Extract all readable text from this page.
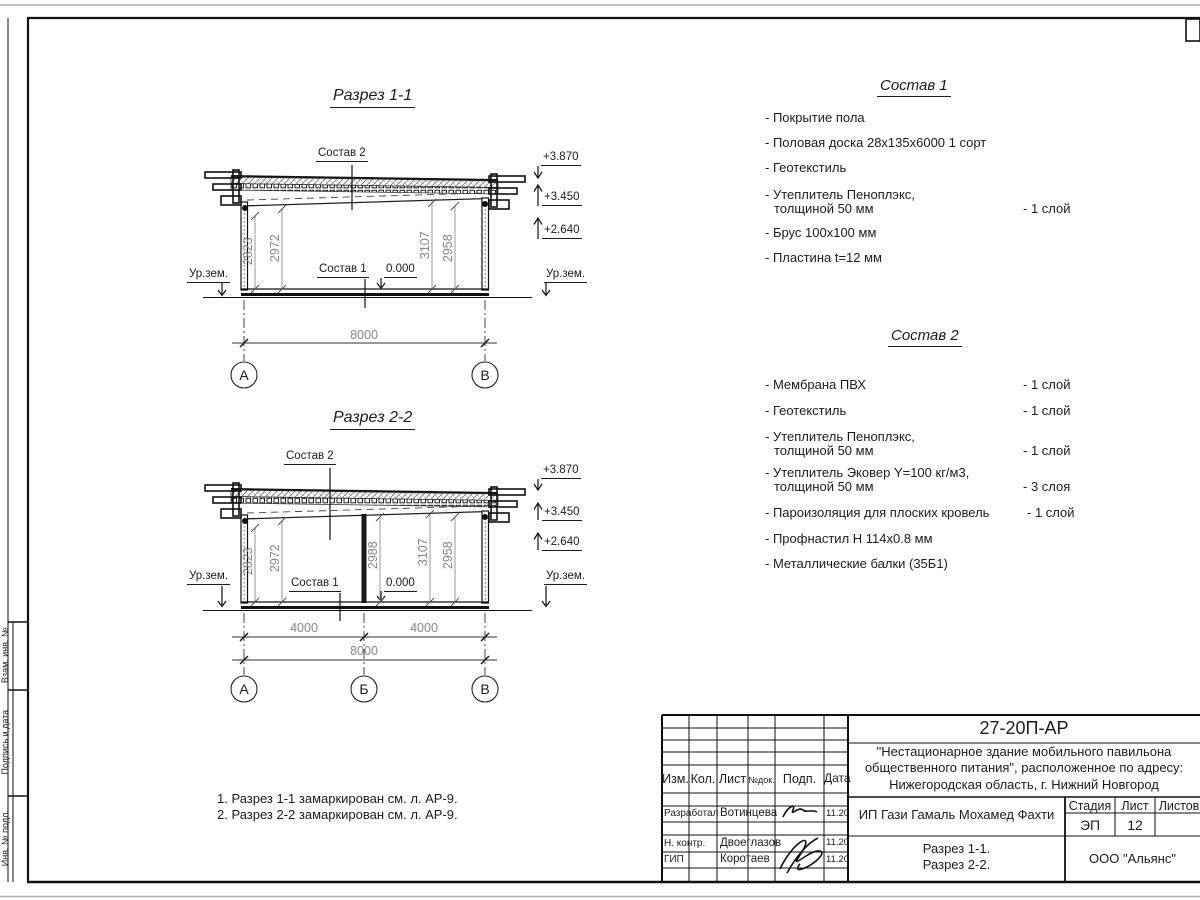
Разрез 1-1
Состав 2
Ур.зем.	Ур.зем.
+3.870
+3.450
+2.640
Состав 1 0.000
2823 2972	3107 2958
8000
А	В
Разрез 2-2
Состав 2
Ур.зем.	Ур.зем.
+3.870
+3.450
+2.640
Состав 1	0.000
2823 2972	2988	3107 2958
4000	4000
8000
А	Б	В
Состав 1
- Покрытие пола
- Половая доска 28х135х6000 1 сорт
- Геотекстиль
- Утеплитель Пеноплэкс,
толщиной 50 мм	- 1 слой
- Брус 100х100 мм
- Пластина t=12 мм
Состав 2
- Мембрана ПВХ	- 1 слой
- Геотекстиль	- 1 слой
- Утеплитель Пеноплэкс,
толщиной 50 мм	- 1 слой
- Утеплитель Эковер Y=100 кг/м3,
толщиной 50 мм	- 3 слоя
- Пароизоляция для плоских кровель	- 1 слой
- Профнастил Н 114х0.8 мм
- Металлические балки (35Б1)
1. Разрез 1-1 замаркирован см. л. АР-9.
2. Разрез 2-2 замаркирован см. л. АР-9.
27-20П-АР
"Нестационарное здание мобильного павильона
общественного питания", расположенное по адресу:
Нижегородская область, г. Нижний Новгород
ИП Гази Гамаль Мохамед Фахти
Стадия Лист Листов
ЭП	12
Разрез 1-1.
Разрез 2-2.	ООО "Альянс"
Изм. Кол. Лист №док. Подп. Дата
Разработал Вотинцева	11.20
Н. контр. Двоеглазов	11.20
ГИП	Коротаев	11.20
Взам. инв. №
Подпись и дата
Инв. № подл.
